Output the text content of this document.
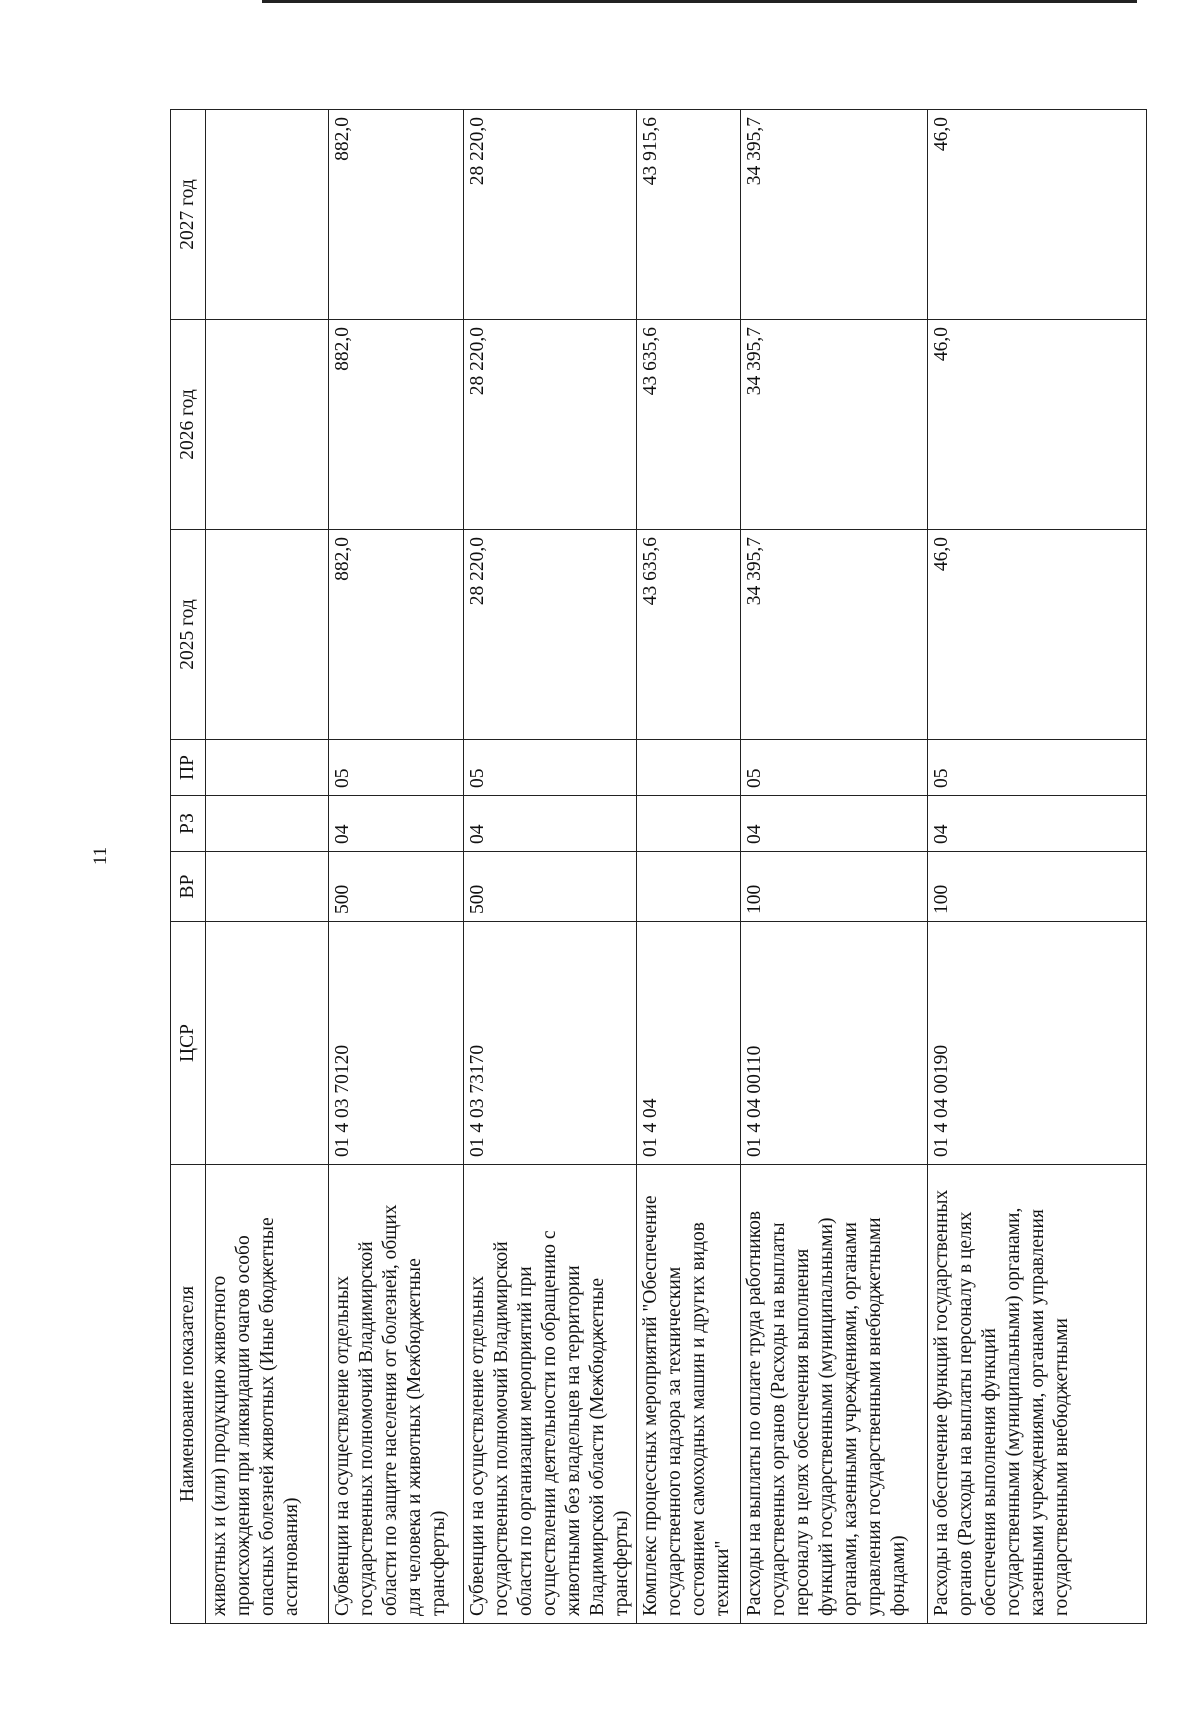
11
Наименование показателя	ЦСР	ВР	РЗ	ПР	2025 год	2026 год	2027 год
животных и (или) продукцию животного происхождения при ликвидации очагов особо опасных болезней животных (Иные бюджетные ассигнования)							
Субвенции на осуществление отдельных государственных полномочий Владимирской области по защите населения от болезней, общих для человека и животных (Межбюджетные трансферты)	01 4 03 70120	500	04	05	882,0	882,0	882,0
Субвенции на осуществление отдельных государственных полномочий Владимирской области по организации мероприятий при осуществлении деятельности по обращению с животными без владельцев на территории Владимирской области (Межбюджетные трансферты)	01 4 03 73170	500	04	05	28 220,0	28 220,0	28 220,0
Комплекс процессных мероприятий "Обеспечение государственного надзора за техническим состоянием самоходных машин и других видов техники"	01 4 04				43 635,6	43 635,6	43 915,6
Расходы на выплаты по оплате труда работников государственных органов (Расходы на выплаты персоналу в целях обеспечения выполнения функций государственными (муниципальными) органами, казенными учреждениями, органами управления государственными внебюджетными фондами)	01 4 04 00110	100	04	05	34 395,7	34 395,7	34 395,7
Расходы на обеспечение функций государственных органов (Расходы на выплаты персоналу в целях обеспечения выполнения функций государственными (муниципальными) органами, казенными учреждениями, органами управления государственными внебюджетными	01 4 04 00190	100	04	05	46,0	46,0	46,0
